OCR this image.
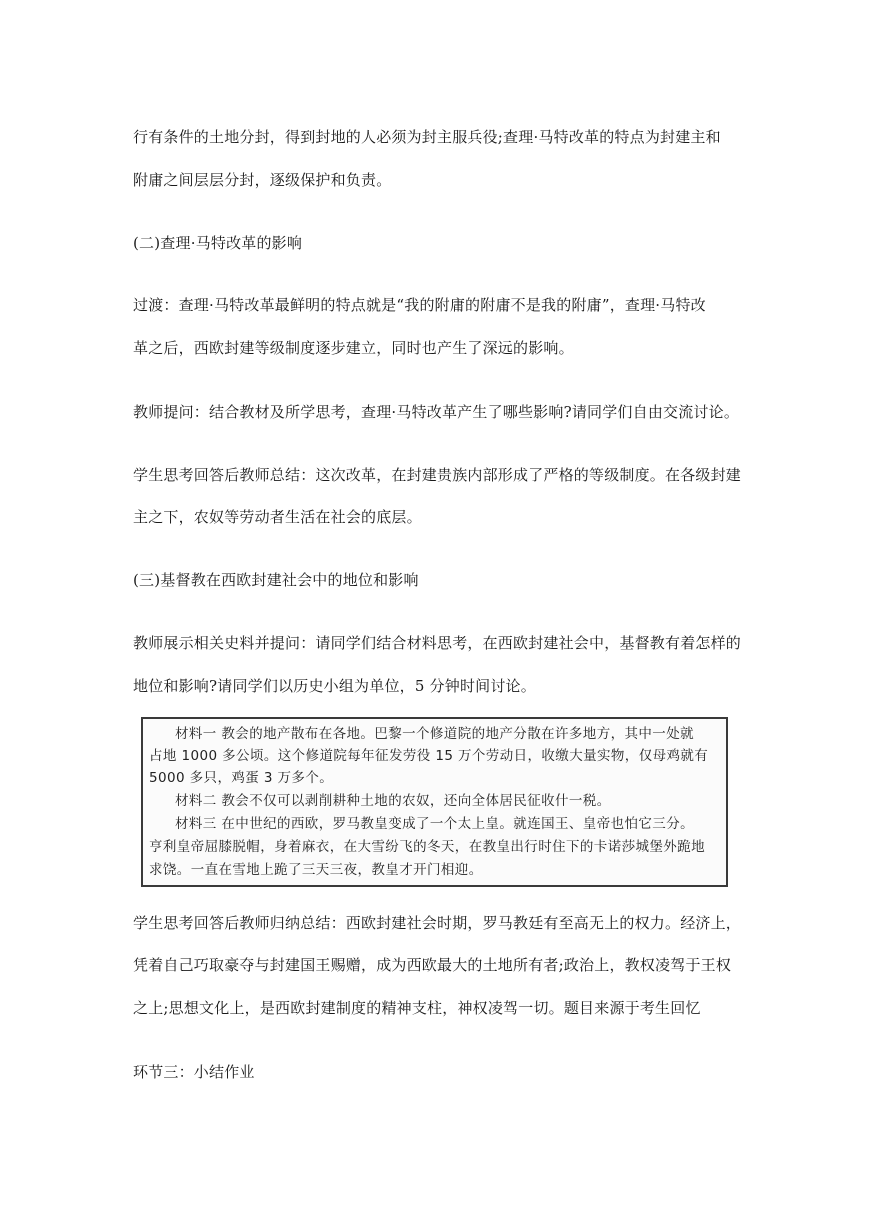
行有条件的土地分封，得到封地的人必须为封主服兵役;查理·马特改革的特点为封建主和
附庸之间层层分封，逐级保护和负责。
(二)查理·马特改革的影响
过渡：查理·马特改革最鲜明的特点就是“我的附庸的附庸不是我的附庸”，查理·马特改
革之后，西欧封建等级制度逐步建立，同时也产生了深远的影响。
教师提问：结合教材及所学思考，查理·马特改革产生了哪些影响?请同学们自由交流讨论。
学生思考回答后教师总结：这次改革，在封建贵族内部形成了严格的等级制度。在各级封建
主之下，农奴等劳动者生活在社会的底层。
(三)基督教在西欧封建社会中的地位和影响
教师展示相关史料并提问：请同学们结合材料思考，在西欧封建社会中，基督教有着怎样的
地位和影响?请同学们以历史小组为单位，5 分钟时间讨论。
材料一 教会的地产散布在各地。巴黎一个修道院的地产分散在许多地方，其中一处就
占地 1000 多公顷。这个修道院每年征发劳役 15 万个劳动日，收缴大量实物，仅母鸡就有
5000 多只，鸡蛋 3 万多个。
材料二 教会不仅可以剥削耕种土地的农奴，还向全体居民征收什一税。
材料三 在中世纪的西欧，罗马教皇变成了一个太上皇。就连国王、皇帝也怕它三分。
亨利皇帝屈膝脱帽，身着麻衣，在大雪纷飞的冬天，在教皇出行时住下的卡诺莎城堡外跪地
求饶。一直在雪地上跪了三天三夜，教皇才开门相迎。
学生思考回答后教师归纳总结：西欧封建社会时期，罗马教廷有至高无上的权力。经济上，
凭着自己巧取豪夺与封建国王赐赠，成为西欧最大的土地所有者;政治上，教权凌驾于王权
之上;思想文化上，是西欧封建制度的精神支柱，神权凌驾一切。题目来源于考生回忆
环节三：小结作业
